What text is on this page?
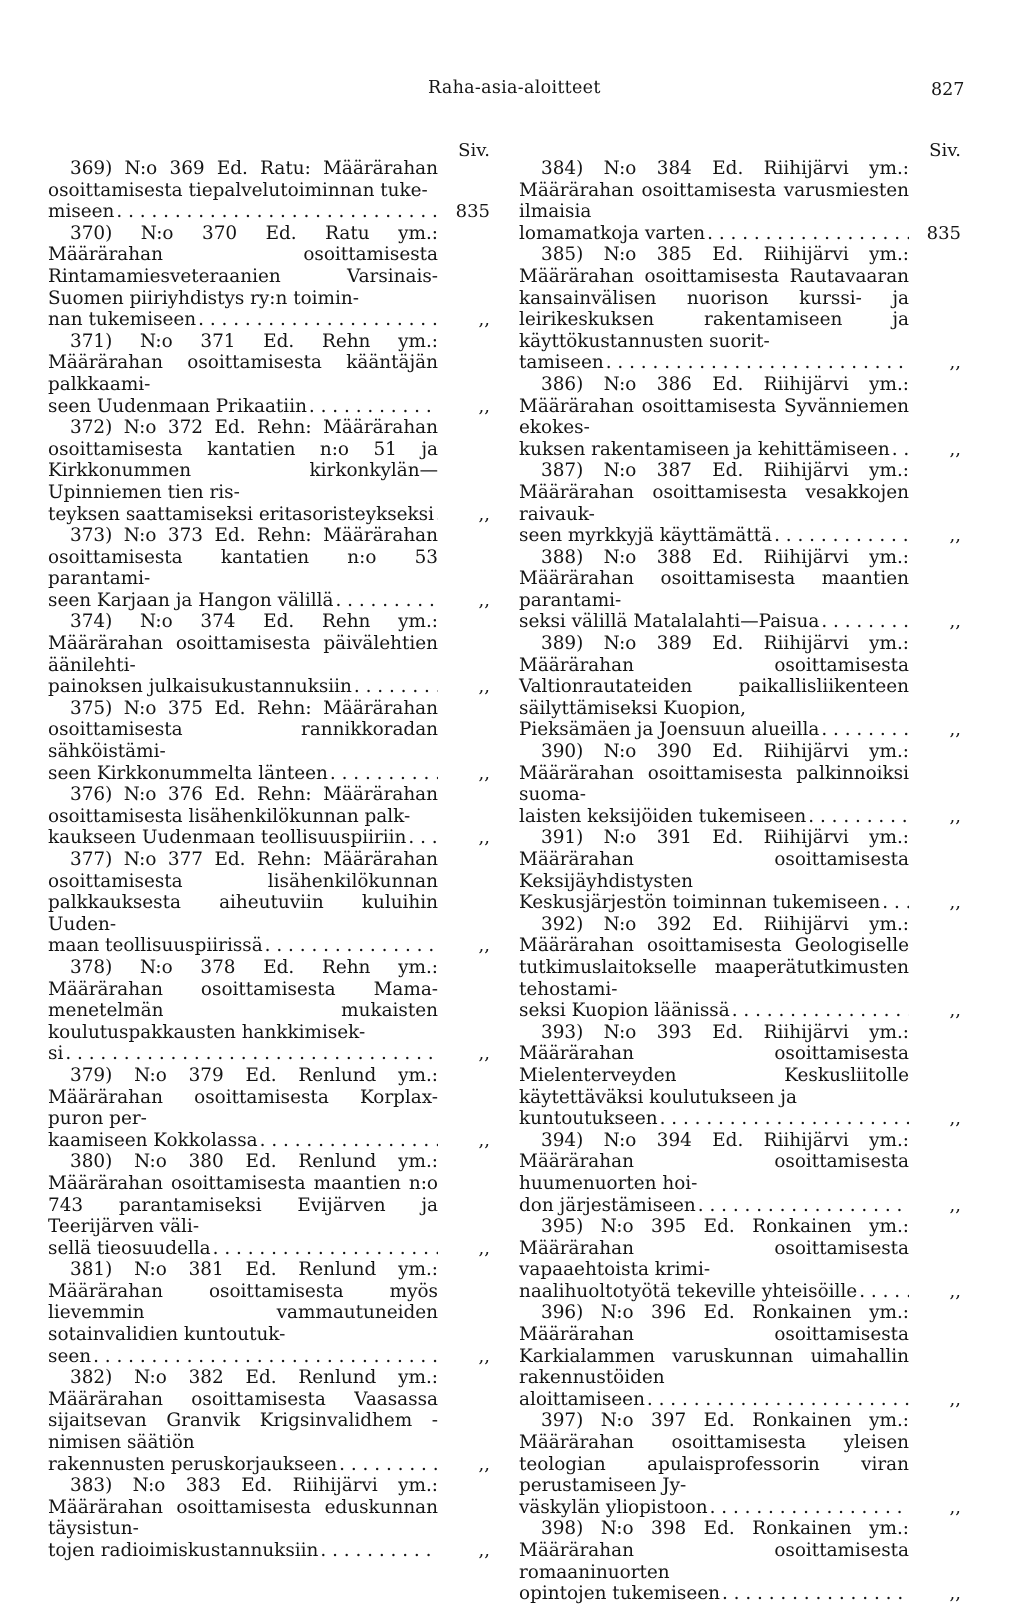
Raha-asia-aloitteet	827
Siv.
369) N:o 369 Ed. Ratu: Määrärahan osoittamisesta tiepalvelutoiminnan tuke-
miseen . . .	835
370) N:o 370 Ed. Ratu ym.: Määrärahan osoittamisesta Rintamamiesveteraanien Varsinais-Suomen piiriyhdistys ry:n toimin-
nan tukemiseen . . .	,,
371) N:o 371 Ed. Rehn ym.: Määrärahan osoittamisesta kääntäjän palkkaami-
seen Uudenmaan Prikaatiin . . .	,,
372) N:o 372 Ed. Rehn: Määrärahan osoittamisesta kantatien n:o 51 ja Kirkkonummen kirkonkylän—Upinniemen tien ris-
teyksen saattamiseksi eritasoristeykseksi . . . ,,
373) N:o 373 Ed. Rehn: Määrärahan osoittamisesta kantatien n:o 53 parantami-
seen Karjaan ja Hangon välillä . . .	,,
374) N:o 374 Ed. Rehn ym.: Määrärahan osoittamisesta päivälehtien äänilehti-
painoksen julkaisukustannuksiin . . .	,,
375) N:o 375 Ed. Rehn: Määrärahan osoittamisesta rannikkoradan sähköistämi-
seen Kirkkonummelta länteen . . .	,,
376) N:o 376 Ed. Rehn: Määrärahan osoittamisesta lisähenkilökunnan palk-
kaukseen Uudenmaan teollisuuspiiriin . . .	,,
377) N:o 377 Ed. Rehn: Määrärahan osoittamisesta lisähenkilökunnan palkkauksesta aiheutuviin kuluihin Uuden-
maan teollisuuspiirissä . . .	,,
378) N:o 378 Ed. Rehn ym.: Määrärahan osoittamisesta Mama-menetelmän mukaisten koulutuspakkausten hankkimisek-
si . . .	,,
379) N:o 379 Ed. Renlund ym.: Määrärahan osoittamisesta Korplax-puron per-
kaamiseen Kokkolassa . . .	,,
380) N:o 380 Ed. Renlund ym.: Määrärahan osoittamisesta maantien n:o 743 parantamiseksi Evijärven ja Teerijärven väli-
sellä tieosuudella . . .	,,
381) N:o 381 Ed. Renlund ym.: Määrärahan osoittamisesta myös lievemmin vammautuneiden sotainvalidien kuntoutuk-
seen . . .	,,
382) N:o 382 Ed. Renlund ym.: Määrärahan osoittamisesta Vaasassa sijaitsevan Granvik Krigsinvalidhem -nimisen säätiön
rakennusten peruskorjaukseen . . .	,,
383) N:o 383 Ed. Riihijärvi ym.: Määrärahan osoittamisesta eduskunnan täysistun-
tojen radioimiskustannuksiin . . .	,,
Siv.
384) N:o 384 Ed. Riihijärvi ym.: Määrärahan osoittamisesta varusmiesten ilmaisia
lomamatkoja varten . . .	835
385) N:o 385 Ed. Riihijärvi ym.: Määrärahan osoittamisesta Rautavaaran kansainvälisen nuorison kurssi- ja leirikeskuksen rakentamiseen ja käyttökustannusten suorit-
tamiseen . . .	,,
386) N:o 386 Ed. Riihijärvi ym.: Määrärahan osoittamisesta Syvänniemen ekokes-
kuksen rakentamiseen ja kehittämiseen . . .	,,
387) N:o 387 Ed. Riihijärvi ym.: Määrärahan osoittamisesta vesakkojen raivauk-
seen myrkkyjä käyttämättä . . .	,,
388) N:o 388 Ed. Riihijärvi ym.: Määrärahan osoittamisesta maantien parantami-
seksi välillä Matalalahti—Paisua . . .	,,
389) N:o 389 Ed. Riihijärvi ym.: Määrärahan osoittamisesta Valtionrautateiden paikallisliikenteen säilyttämiseksi Kuopion,
Pieksämäen ja Joensuun alueilla . . .	,,
390) N:o 390 Ed. Riihijärvi ym.: Määrärahan osoittamisesta palkinnoiksi suoma-
laisten keksijöiden tukemiseen . . .	,,
391) N:o 391 Ed. Riihijärvi ym.: Määrärahan osoittamisesta Keksijäyhdistysten
Keskusjärjestön toiminnan tukemiseen . . .	,,
392) N:o 392 Ed. Riihijärvi ym.: Määrärahan osoittamisesta Geologiselle tutkimuslaitokselle maaperätutkimusten tehostami-
seksi Kuopion läänissä . . .	,,
393) N:o 393 Ed. Riihijärvi ym.: Määrärahan osoittamisesta Mielenterveyden Keskusliitolle käytettäväksi koulutukseen ja
kuntoutukseen . . .	,,
394) N:o 394 Ed. Riihijärvi ym.: Määrärahan osoittamisesta huumenuorten hoi-
don järjestämiseen . . .	,,
395) N:o 395 Ed. Ronkainen ym.: Määrärahan osoittamisesta vapaaehtoista krimi-
naalihuoltotyötä tekeville yhteisöille . . .	,,
396) N:o 396 Ed. Ronkainen ym.: Määrärahan osoittamisesta Karkialammen varuskunnan uimahallin rakennustöiden
aloittamiseen . . .	,,
397) N:o 397 Ed. Ronkainen ym.: Määrärahan osoittamisesta yleisen teologian apulaisprofessorin viran perustamiseen Jy-
väskylän yliopistoon . . .	,,
398) N:o 398 Ed. Ronkainen ym.: Määrärahan osoittamisesta romaaninuorten
opintojen tukemiseen . . .	,,
